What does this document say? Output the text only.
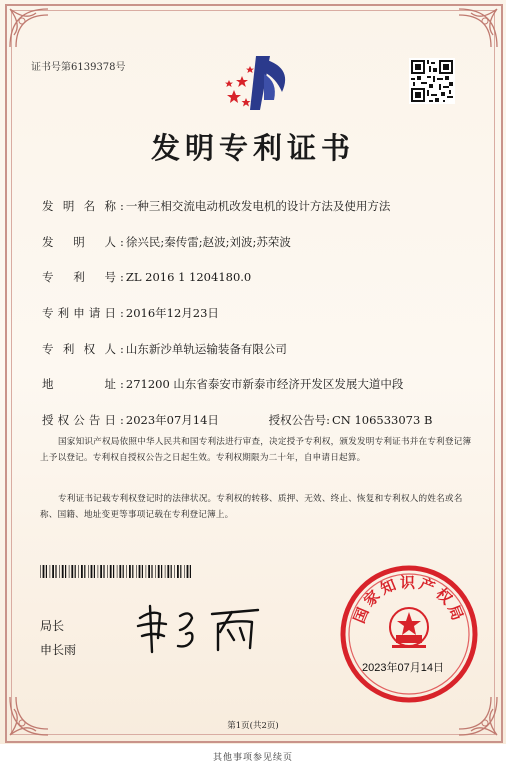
证书号第6139378号
发明专利证书
发明名称 : 一种三相交流电动机改发电机的设计方法及使用方法
发明人 : 徐兴民;秦传雷;赵波;刘波;苏荣波
专利号 : ZL 2016 1 1204180.0
专利申请日 : 2016年12月23日
专利权人 : 山东新沙单轨运输装备有限公司
地址 : 271200 山东省泰安市新泰市经济开发区发展大道中段
授权公告日 : 2023年07月14日	授权公告号: CN 106533073 B
国家知识产权局依照中华人民共和国专利法进行审查，决定授予专利权，颁发发明专利证书并在专利登记簿上予以登记。专利权自授权公告之日起生效。专利权期限为二十年，自申请日起算。
专利证书记载专利权登记时的法律状况。专利权的转移、质押、无效、终止、恢复和专利权人的姓名或名称、国籍、地址变更等事项记载在专利登记簿上。
局长
申长雨
国家知识产权局
2023年07月14日
第1页(共2页)
其他事项参见续页
